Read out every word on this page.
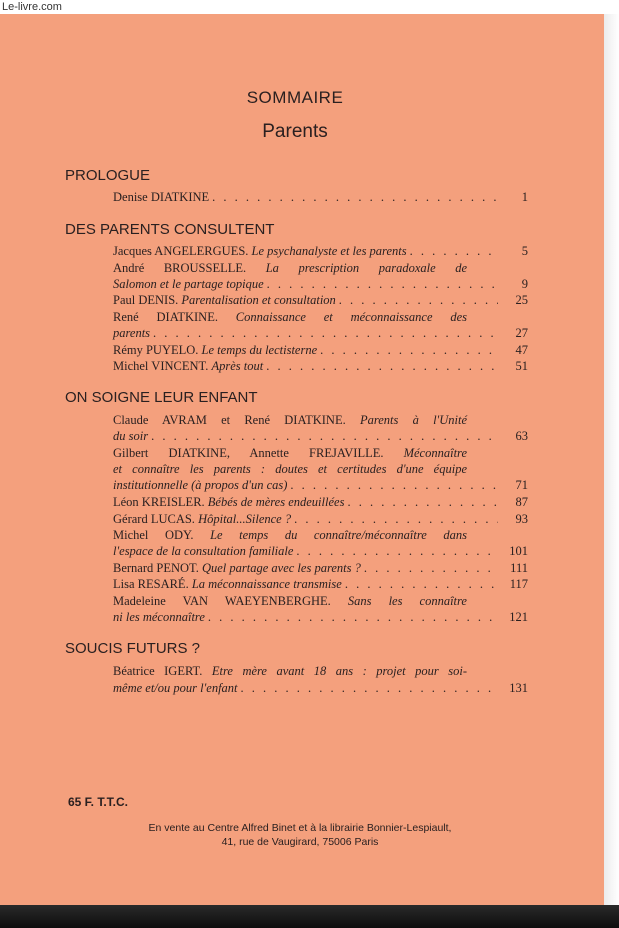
Le-livre.com
SOMMAIRE
Parents
PROLOGUE
Denise DIATKINE . . .	1
DES PARENTS CONSULTENT
Jacques ANGELERGUES. Le psychanalyste et les parents . . .	5
André BROUSSELLE. La prescription paradoxale de
Salomon et le partage topique . . .	9
Paul DENIS. Parentalisation et consultation . . .	25
René DIATKINE. Connaissance et méconnaissance des
parents . . .	27
Rémy PUYELO. Le temps du lectisterne . . .	47
Michel VINCENT. Après tout . . .	51
ON SOIGNE LEUR ENFANT
Claude AVRAM et René DIATKINE. Parents à l'Unité
du soir . . .	63
Gilbert DIATKINE, Annette FREJAVILLE. Méconnaître
et connaître les parents : doutes et certitudes d'une équipe
institutionnelle (à propos d'un cas) . . .	71
Léon KREISLER. Bébés de mères endeuillées . . .	87
Gérard LUCAS. Hôpital...Silence ? . . .	93
Michel ODY. Le temps du connaître/méconnaître dans
l'espace de la consultation familiale . . .	101
Bernard PENOT. Quel partage avec les parents ? . . .	111
Lisa RESARÉ. La méconnaissance transmise . . .	117
Madeleine VAN WAEYENBERGHE. Sans les connaître
ni les méconnaître . . .	121
SOUCIS FUTURS ?
Béatrice IGERT. Etre mère avant 18 ans : projet pour soi-
même et/ou pour l'enfant . . .	131
65 F. T.T.C.
En vente au Centre Alfred Binet et à la librairie Bonnier-Lespiault,
41, rue de Vaugirard, 75006 Paris
